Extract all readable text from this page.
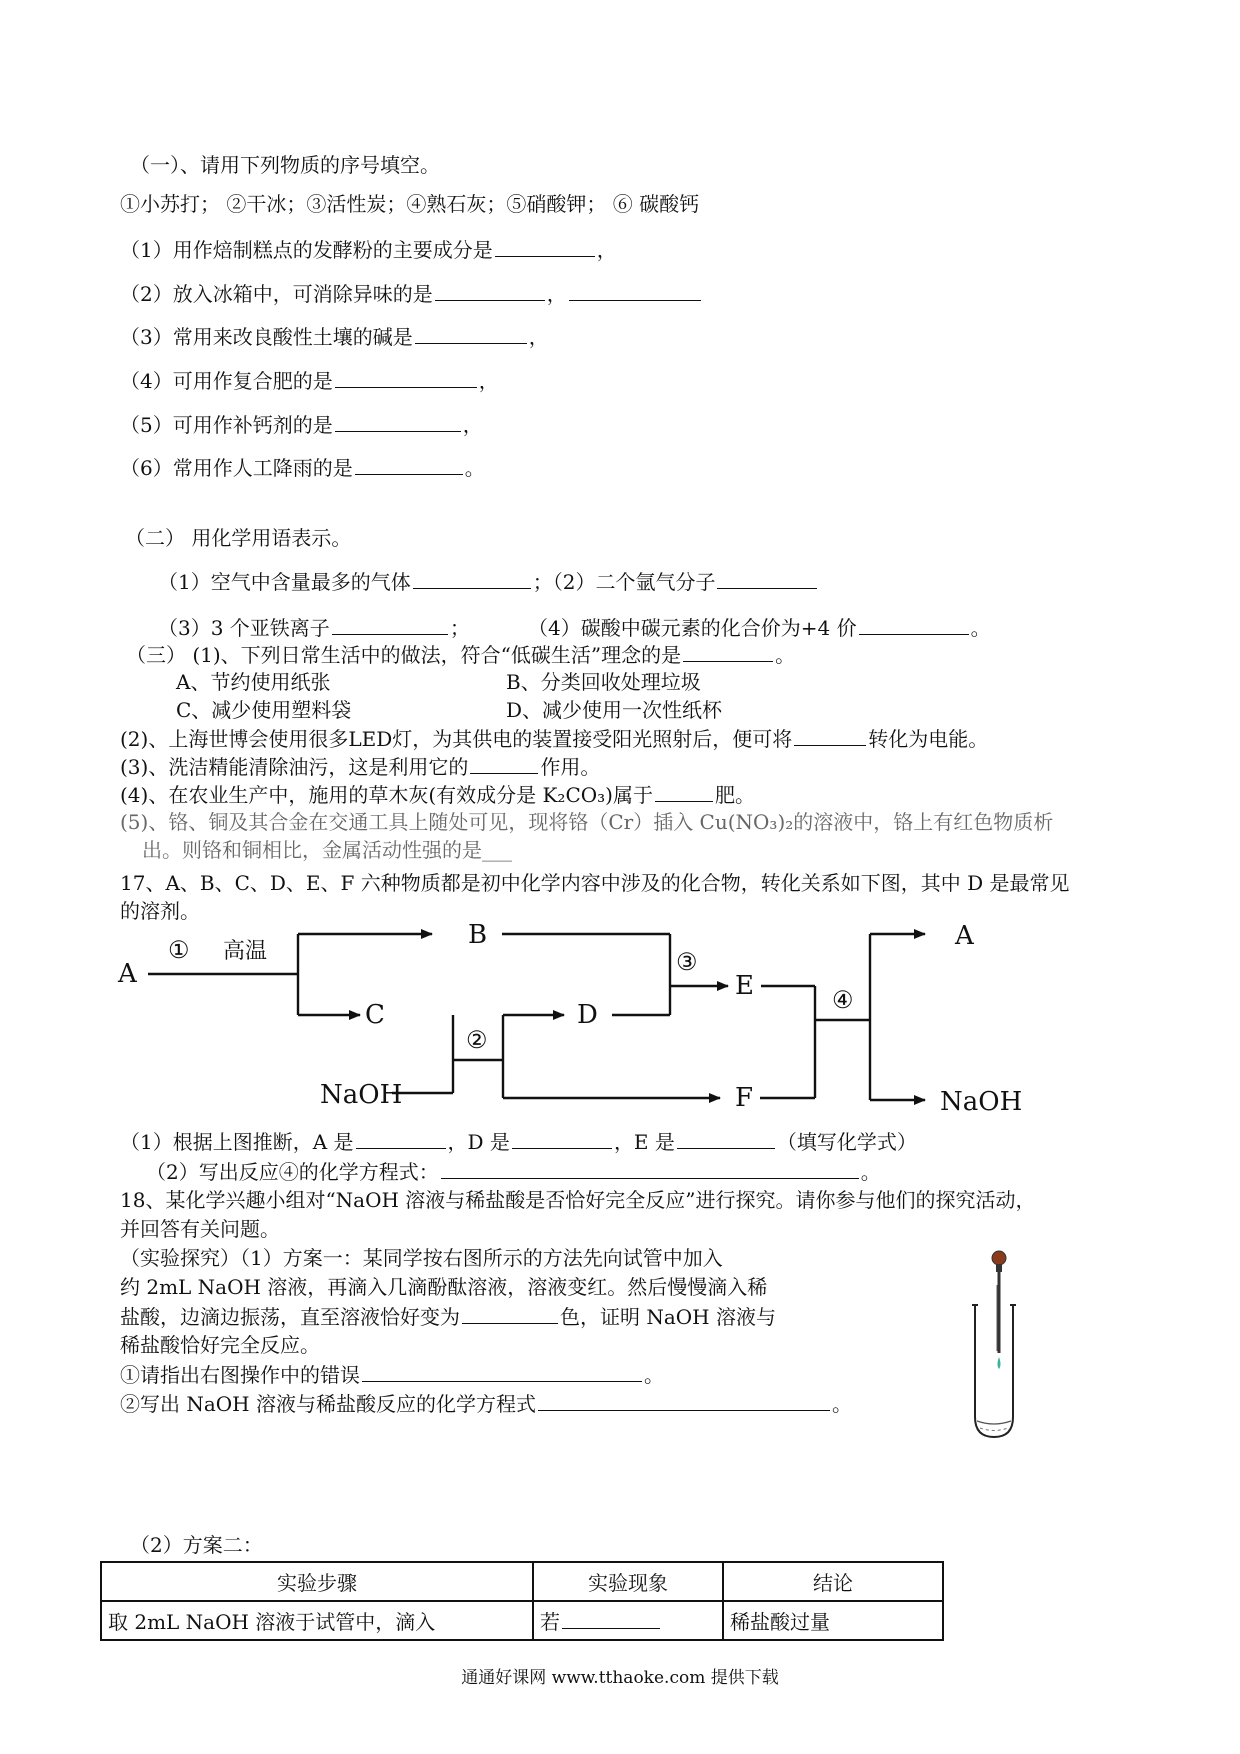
（一）、请用下列物质的序号填空。
①小苏打； ②干冰；③活性炭；④熟石灰；⑤硝酸钾； ⑥ 碳酸钙
（1）用作焙制糕点的发酵粉的主要成分是	，
（2）放入冰箱中，可消除异味的是	，
（3）常用来改良酸性土壤的碱是	，
（4）可用作复合肥的是	，
（5）可用作补钙剂的是	，
（6）常用作人工降雨的是	。
（二） 用化学用语表示。
（1）空气中含量最多的气体	；（2）二个氩气分子
（3）3 个亚铁离子	；	（4）碳酸中碳元素的化合价为+4 价	。
（三） (1)、下列日常生活中的做法，符合“低碳生活”理念的是	。
A、节约使用纸张	B、分类回收处理垃圾
C、减少使用塑料袋	D、减少使用一次性纸杯
(2)、上海世博会使用很多LED灯，为其供电的装置接受阳光照射后，便可将	转化为电能。
(3)、洗洁精能清除油污，这是利用它的	作用。
(4)、在农业生产中，施用的草木灰(有效成分是 K₂CO₃)属于	肥。
(5)、铬、铜及其合金在交通工具上随处可见，现将铬（Cr）插入 Cu(NO₃)₂的溶液中，铬上有红色物质析
出。则铬和铜相比，金属活动性强的是___
17、A、B、C、D、E、F 六种物质都是初中化学内容中涉及的化合物，转化关系如下图，其中 D 是最常见
的溶剂。
A
B
C	D
E
F
A
NaOH	NaOH
①
②
③
④
高温
（1）根据上图推断，A 是	，D 是	，E 是	（填写化学式）
（2）写出反应④的化学方程式：	。
18、某化学兴趣小组对“NaOH 溶液与稀盐酸是否恰好完全反应”进行探究。请你参与他们的探究活动，
并回答有关问题。
（实验探究）（1）方案一：某同学按右图所示的方法先向试管中加入
约 2mL NaOH 溶液，再滴入几滴酚酞溶液，溶液变红。然后慢慢滴入稀
盐酸，边滴边振荡，直至溶液恰好变为	色，证明 NaOH 溶液与
稀盐酸恰好完全反应。
①请指出右图操作中的错误	。
②写出 NaOH 溶液与稀盐酸反应的化学方程式	。
（2）方案二：
实验步骤	实验现象	结论
取 2mL NaOH 溶液于试管中，滴入	若	稀盐酸过量
通通好课网 www.tthaoke.com 提供下载
